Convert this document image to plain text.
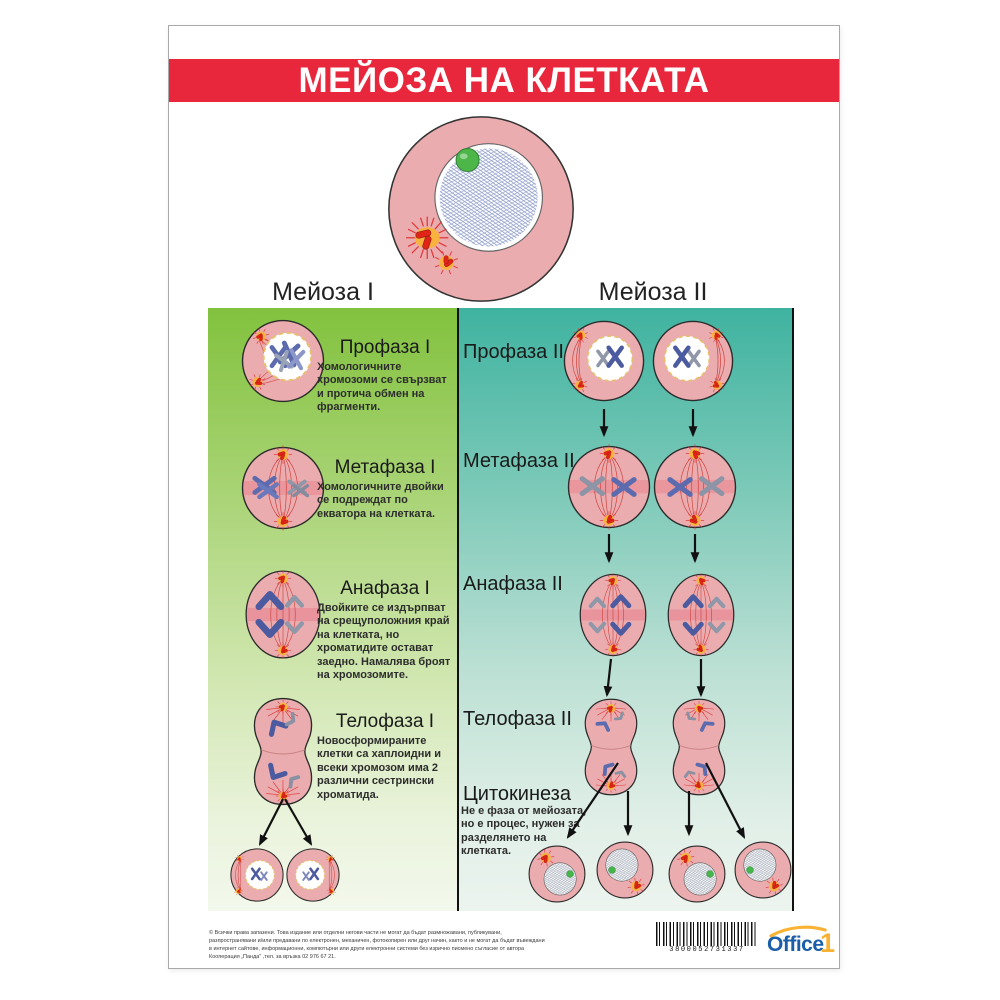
МЕЙОЗА НА КЛЕТКАТА
Мейоза I	Мейоза II

Профаза I

Хомологичните хромозоми се свързват и протича обмен на фрагменти.

Метафаза I

Хомологичните двойки се подреждат по екватора на клетката.

Анафаза I

Двойките се издърпват на срещуположния край на клетката, но хроматидите остават заедно. Намалява броят на хромозомите.

Телофаза I

Новосформираните клетки са хаплоидни и всеки хромозом има 2 различни сестрински хроматида.

Профаза II
Метафаза II
Анафаза II
Телофаза II
Цитокинеза

Не е фаза от мейозата, но е процес, нужен за разделянето на клетката.

© Всички права запазени. Това издание или отделни негови части не могат да бъдат размножавани, публикувани, разпространявани и/или предавани по електронен, механичен, фотокопирен или друг начин, както и не могат да бъдат въвеждани в интернет сайтове, информационни, компютърни или други електронни системи без изрично писмено съгласие от автора Кооперация „Панда" ,тел. за връзка 02 976 67 21.

3800052731337	Office
1
